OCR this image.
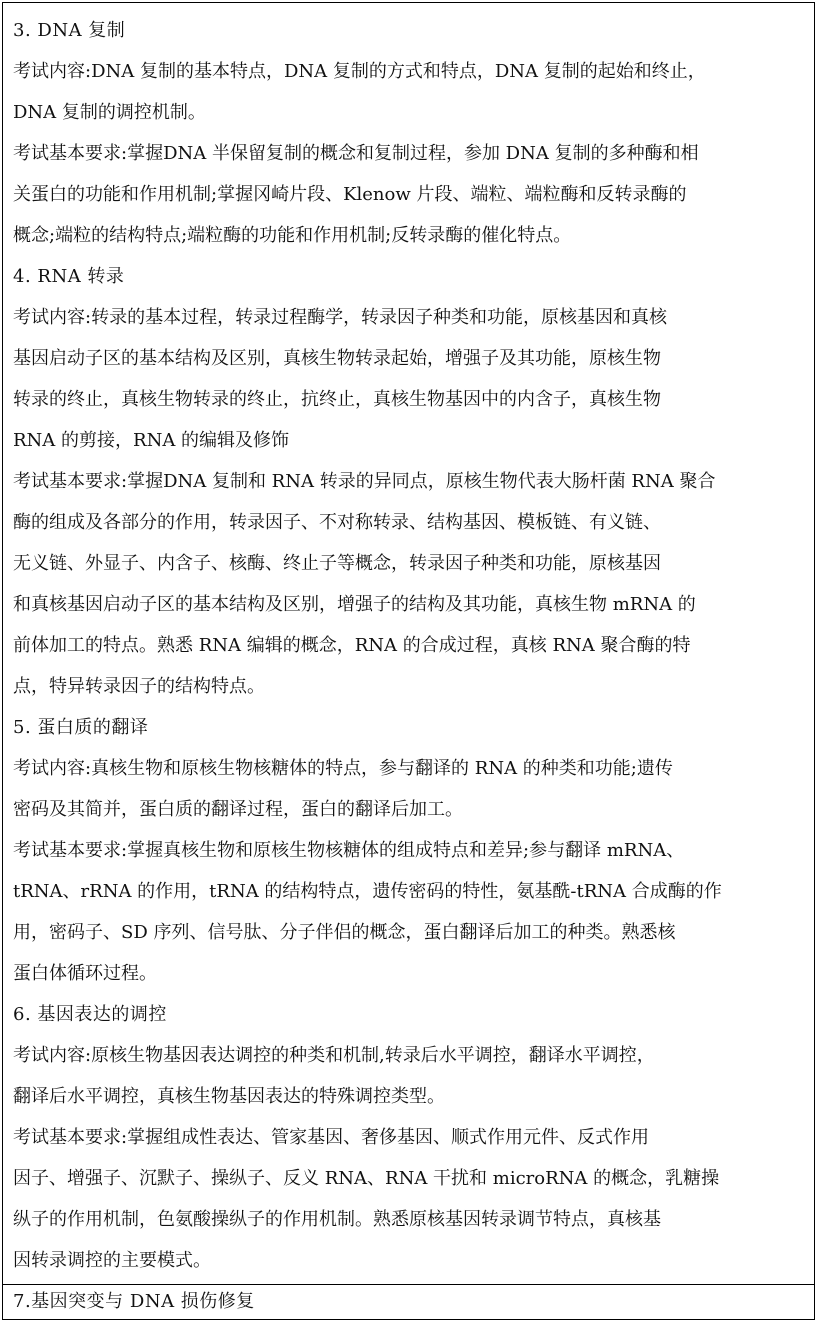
3. DNA 复制
考试内容:DNA 复制的基本特点，DNA 复制的方式和特点，DNA 复制的起始和终止，
DNA 复制的调控机制。
考试基本要求:掌握DNA 半保留复制的概念和复制过程，参加 DNA 复制的多种酶和相
关蛋白的功能和作用机制;掌握冈崎片段、Klenow 片段、端粒、端粒酶和反转录酶的
概念;端粒的结构特点;端粒酶的功能和作用机制;反转录酶的催化特点。
4. RNA 转录
考试内容:转录的基本过程，转录过程酶学，转录因子种类和功能，原核基因和真核
基因启动子区的基本结构及区别，真核生物转录起始，增强子及其功能，原核生物
转录的终止，真核生物转录的终止，抗终止，真核生物基因中的内含子，真核生物
RNA 的剪接，RNA 的编辑及修饰
考试基本要求:掌握DNA 复制和 RNA 转录的异同点，原核生物代表大肠杆菌 RNA 聚合
酶的组成及各部分的作用，转录因子、不对称转录、结构基因、模板链、有义链、
无义链、外显子、内含子、核酶、终止子等概念，转录因子种类和功能，原核基因
和真核基因启动子区的基本结构及区别，增强子的结构及其功能，真核生物 mRNA 的
前体加工的特点。熟悉 RNA 编辑的概念，RNA 的合成过程，真核 RNA 聚合酶的特
点，特异转录因子的结构特点。
5. 蛋白质的翻译
考试内容:真核生物和原核生物核糖体的特点，参与翻译的 RNA 的种类和功能;遗传
密码及其简并，蛋白质的翻译过程，蛋白的翻译后加工。
考试基本要求:掌握真核生物和原核生物核糖体的组成特点和差异;参与翻译 mRNA、
tRNA、rRNA 的作用，tRNA 的结构特点，遗传密码的特性，氨基酰-tRNA 合成酶的作
用，密码子、SD 序列、信号肽、分子伴侣的概念，蛋白翻译后加工的种类。熟悉核
蛋白体循环过程。
6. 基因表达的调控
考试内容:原核生物基因表达调控的种类和机制,转录后水平调控，翻译水平调控，
翻译后水平调控，真核生物基因表达的特殊调控类型。
考试基本要求:掌握组成性表达、管家基因、奢侈基因、顺式作用元件、反式作用
因子、增强子、沉默子、操纵子、反义 RNA、RNA 干扰和 microRNA 的概念，乳糖操
纵子的作用机制，色氨酸操纵子的作用机制。熟悉原核基因转录调节特点，真核基
因转录调控的主要模式。
7.基因突变与 DNA 损伤修复
